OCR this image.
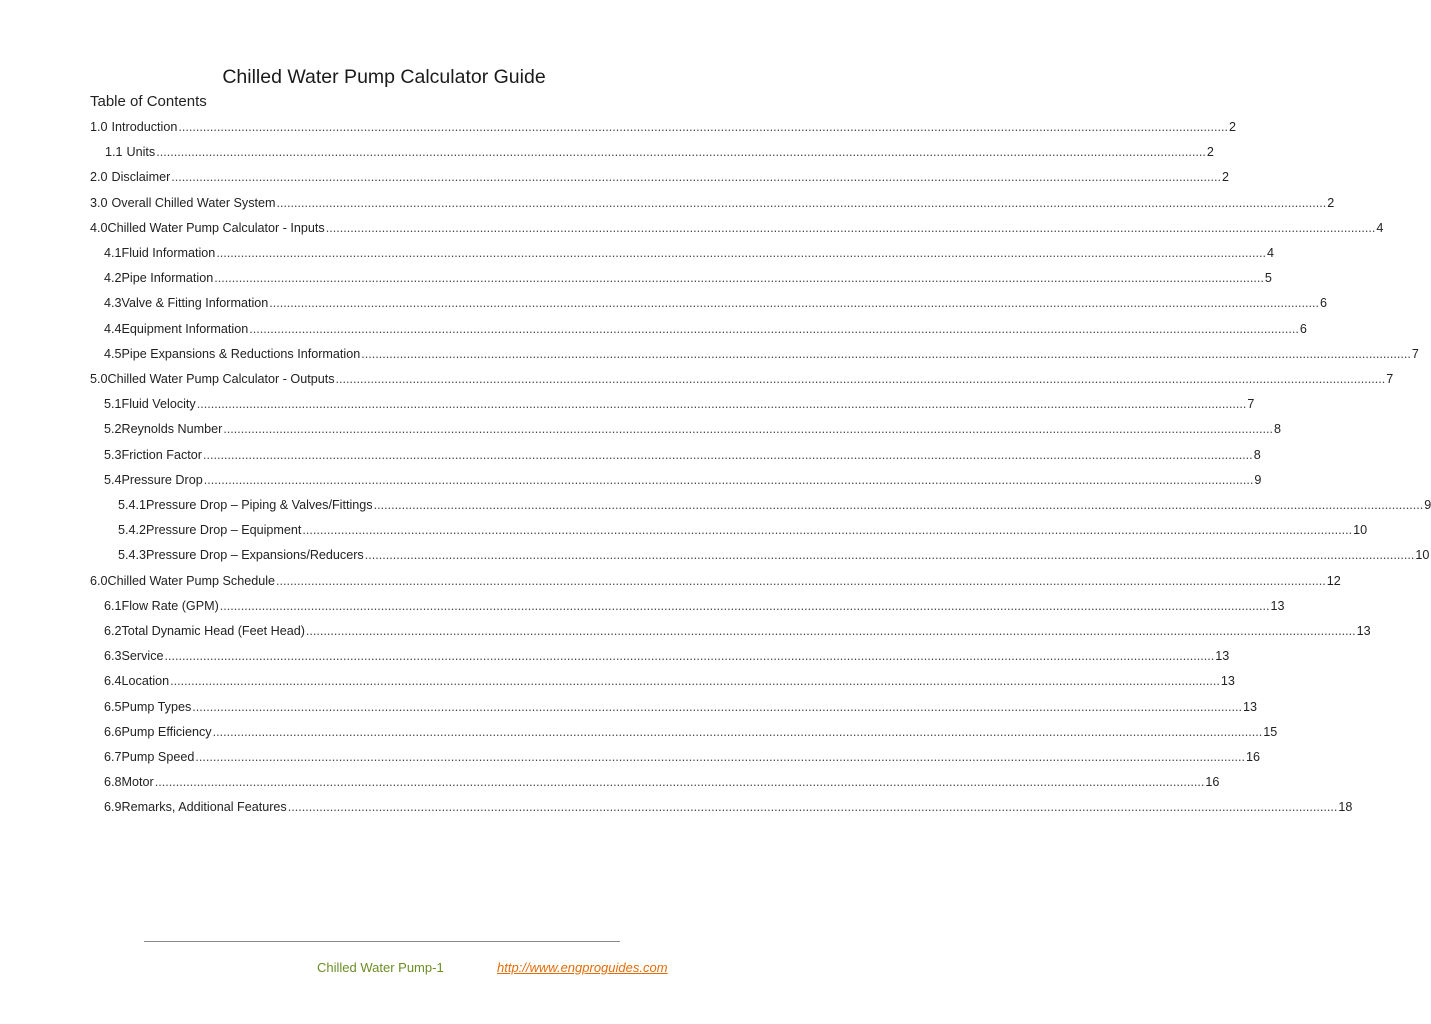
Chilled Water Pump Calculator Guide
Table of Contents
1.0 Introduction ............................................................................................................................................................................................................................................................................................................ 2
1.1 Units ............................................................................................................................................................................................................................................................................................................ 2
2.0 Disclaimer ............................................................................................................................................................................................................................................................................................................ 2
3.0 Overall Chilled Water System ............................................................................................................................................................................................................................................................................................................ 2
4.0 Chilled Water Pump Calculator - Inputs ............................................................................................................................................................................................................................................................................................................ 4
4.1 Fluid Information ............................................................................................................................................................................................................................................................................................................ 4
4.2 Pipe Information ............................................................................................................................................................................................................................................................................................................ 5
4.3 Valve & Fitting Information ............................................................................................................................................................................................................................................................................................................ 6
4.4 Equipment Information ............................................................................................................................................................................................................................................................................................................ 6
4.5 Pipe Expansions & Reductions Information ............................................................................................................................................................................................................................................................................................................ 7
5.0 Chilled Water Pump Calculator - Outputs ............................................................................................................................................................................................................................................................................................................ 7
5.1 Fluid Velocity ............................................................................................................................................................................................................................................................................................................ 7
5.2 Reynolds Number ............................................................................................................................................................................................................................................................................................................ 8
5.3 Friction Factor ............................................................................................................................................................................................................................................................................................................ 8
5.4 Pressure Drop ............................................................................................................................................................................................................................................................................................................ 9
5.4.1 Pressure Drop – Piping & Valves/Fittings ............................................................................................................................................................................................................................................................................................................ 9
5.4.2 Pressure Drop – Equipment ............................................................................................................................................................................................................................................................................................................ 10
5.4.3 Pressure Drop – Expansions/Reducers ............................................................................................................................................................................................................................................................................................................ 10
6.0 Chilled Water Pump Schedule ............................................................................................................................................................................................................................................................................................................ 12
6.1 Flow Rate (GPM) ............................................................................................................................................................................................................................................................................................................ 13
6.2 Total Dynamic Head (Feet Head) ............................................................................................................................................................................................................................................................................................................ 13
6.3 Service ............................................................................................................................................................................................................................................................................................................ 13
6.4 Location ............................................................................................................................................................................................................................................................................................................ 13
6.5 Pump Types ............................................................................................................................................................................................................................................................................................................ 13
6.6 Pump Efficiency ............................................................................................................................................................................................................................................................................................................ 15
6.7 Pump Speed ............................................................................................................................................................................................................................................................................................................ 16
6.8 Motor ............................................................................................................................................................................................................................................................................................................ 16
6.9 Remarks, Additional Features ............................................................................................................................................................................................................................................................................................................ 18
Chilled Water Pump-1	http://www.engproguides.com
